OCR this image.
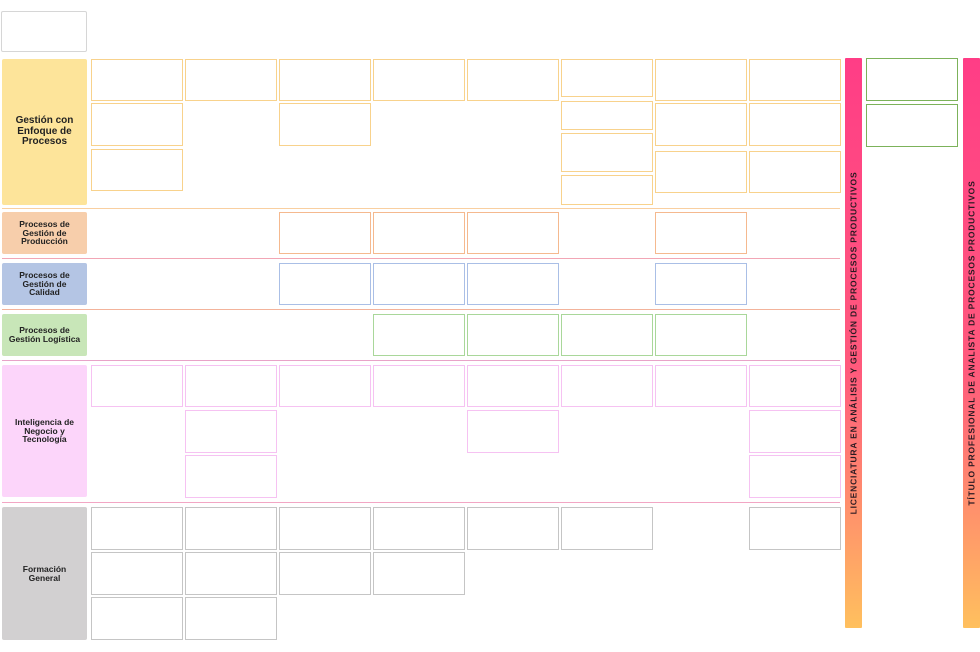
Gestión con Enfoque de Procesos
Procesos de Gestión de Producción
Procesos de Gestión de Calidad
Procesos de Gestión Logística
Inteligencia de Negocio y Tecnología
Formación General
LICENCIATURA EN ANÁLISIS Y GESTIÓN DE PROCESOS PRODUCTIVOS	TÍTULO PROFESIONAL DE ANALISTA DE PROCESOS PRODUCTIVOS
